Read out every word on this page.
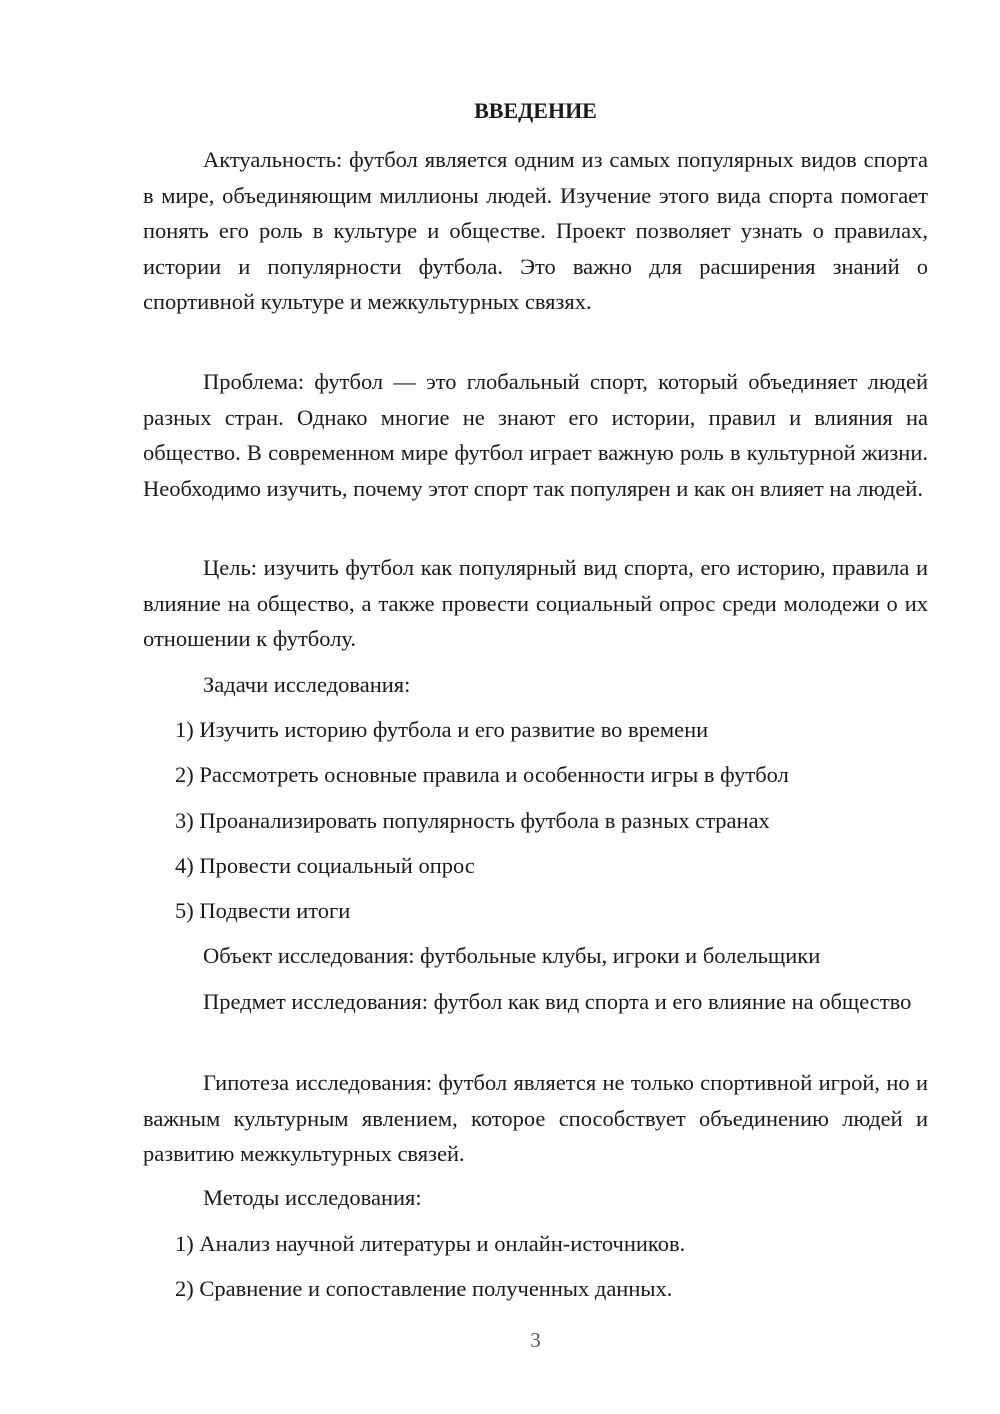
ВВЕДЕНИЕ

Актуальность: футбол является одним из самых популярных видов спорта в мире, объединяющим миллионы людей. Изучение этого вида спорта помогает понять его роль в культуре и обществе. Проект позволяет узнать о правилах, истории и популярности футбола. Это важно для расширения знаний о спортивной культуре и межкультурных связях.

Проблема: футбол — это глобальный спорт, который объединяет людей разных стран. Однако многие не знают его истории, правил и влияния на общество. В современном мире футбол играет важную роль в культурной жизни. Необходимо изучить, почему этот спорт так популярен и как он влияет на людей.

Цель: изучить футбол как популярный вид спорта, его историю, правила и влияние на общество, а также провести социальный опрос среди молодежи о их отношении к футболу.

Задачи исследования:
1) Изучить историю футбола и его развитие во времени
2) Рассмотреть основные правила и особенности игры в футбол
3) Проанализировать популярность футбола в разных странах
4) Провести социальный опрос
5) Подвести итоги
Объект исследования: футбольные клубы, игроки и болельщики

Предмет исследования: футбол как вид спорта и его влияние на общество

Гипотеза исследования: футбол является не только спортивной игрой, но и важным культурным явлением, которое способствует объединению людей и развитию межкультурных связей.

Методы исследования:
1) Анализ научной литературы и онлайн-источников.
2) Сравнение и сопоставление полученных данных.
3
